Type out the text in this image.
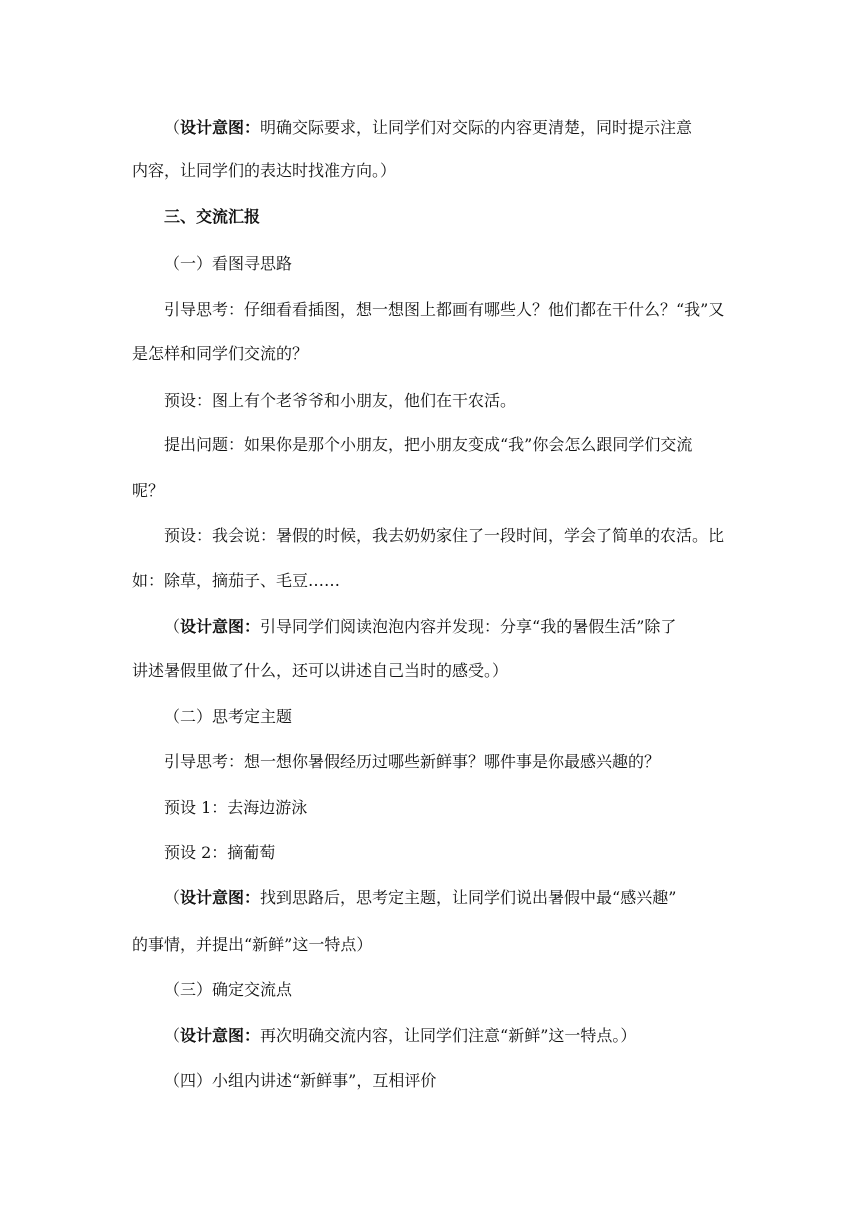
（设计意图：明确交际要求，让同学们对交际的内容更清楚，同时提示注意
内容，让同学们的表达时找准方向。）
三、交流汇报
（一）看图寻思路
引导思考：仔细看看插图，想一想图上都画有哪些人？他们都在干什么？“我”又
是怎样和同学们交流的？
预设：图上有个老爷爷和小朋友，他们在干农活。
提出问题：如果你是那个小朋友，把小朋友变成“我”你会怎么跟同学们交流
呢？
预设：我会说：暑假的时候，我去奶奶家住了一段时间，学会了简单的农活。比
如：除草，摘茄子、毛豆……
（设计意图：引导同学们阅读泡泡内容并发现：分享“我的暑假生活”除了
讲述暑假里做了什么，还可以讲述自己当时的感受。）
（二）思考定主题
引导思考：想一想你暑假经历过哪些新鲜事？哪件事是你最感兴趣的？
预设 1：去海边游泳
预设 2：摘葡萄
（设计意图：找到思路后，思考定主题，让同学们说出暑假中最“感兴趣”
的事情，并提出“新鲜”这一特点）
（三）确定交流点
（设计意图：再次明确交流内容，让同学们注意“新鲜”这一特点。）
（四）小组内讲述“新鲜事”，互相评价
